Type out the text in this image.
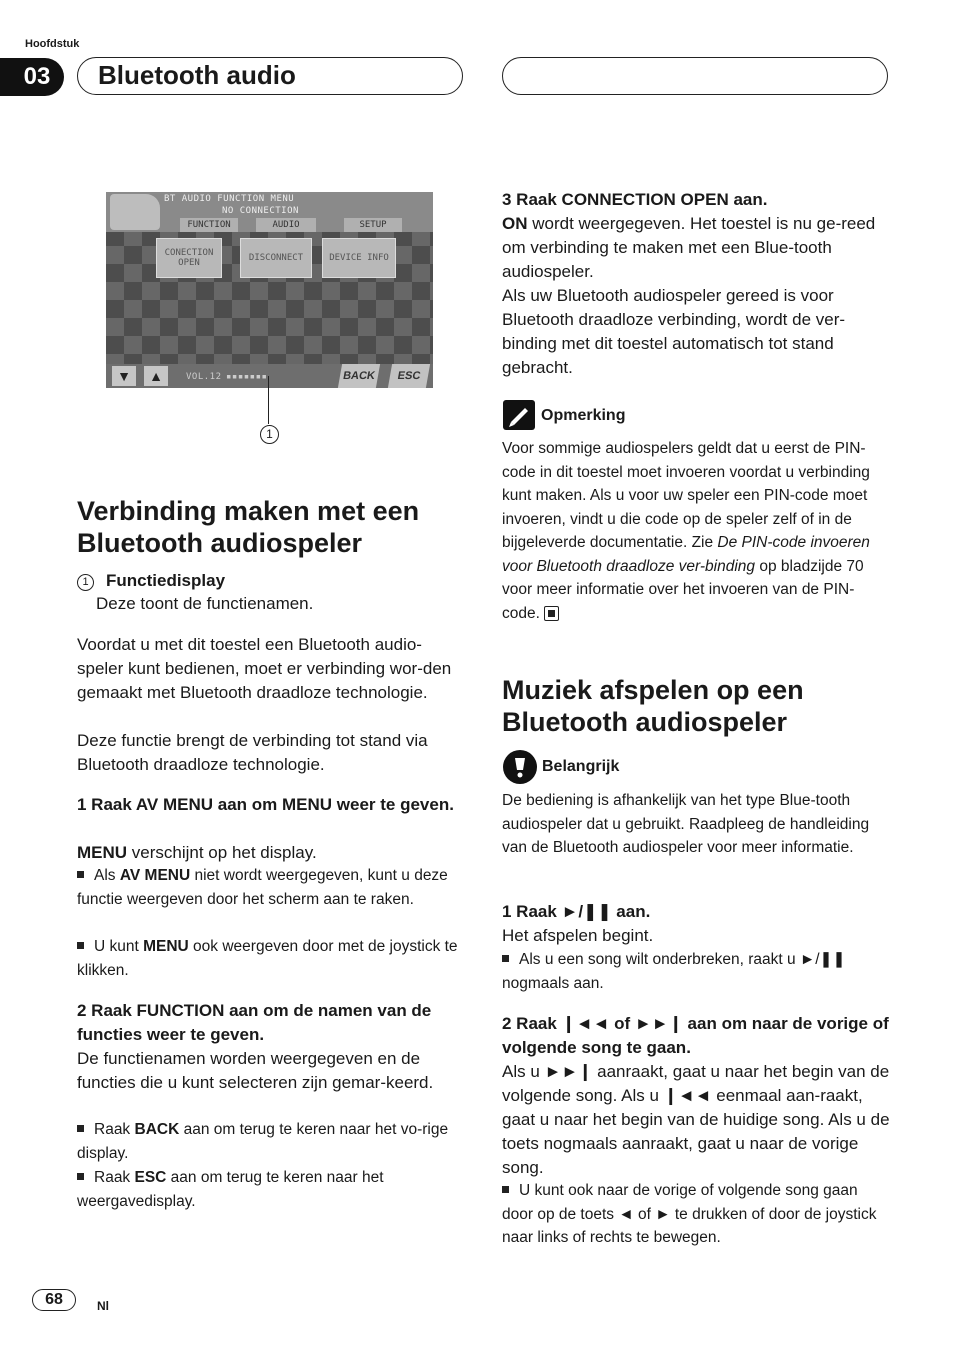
Hoofdstuk
03	Bluetooth audio
BT AUDIO FUNCTION MENU
NO CONNECTION
FUNCTION	AUDIO	SETUP
CONECTION OPEN	DISCONNECT	DEVICE INFO
▼	▲	VOL.12 ▪▪▪▪▪▪▪	BACK	ESC
1
Verbinding maken met een Bluetooth audiospeler
1 Functiedisplay
Deze toont de functienamen.
Voordat u met dit toestel een Bluetooth audio-speler kunt bedienen, moet er verbinding wor-den gemaakt met Bluetooth draadloze technologie.
Deze functie brengt de verbinding tot stand via Bluetooth draadloze technologie.
1 Raak AV MENU aan om MENU weer te geven.
MENU verschijnt op het display.
Als AV MENU niet wordt weergegeven, kunt u deze functie weergeven door het scherm aan te raken.
U kunt MENU ook weergeven door met de joystick te klikken.
2 Raak FUNCTION aan om de namen van de functies weer te geven.
De functienamen worden weergegeven en de functies die u kunt selecteren zijn gemar-keerd.
Raak BACK aan om terug te keren naar het vo-rige display.
Raak ESC aan om terug te keren naar het weergavedisplay.
3 Raak CONNECTION OPEN aan.
ON wordt weergegeven. Het toestel is nu ge-reed om verbinding te maken met een Blue-tooth audiospeler.
Als uw Bluetooth audiospeler gereed is voor Bluetooth draadloze verbinding, wordt de ver-binding met dit toestel automatisch tot stand gebracht.
Opmerking
Voor sommige audiospelers geldt dat u eerst de PIN-code in dit toestel moet invoeren voordat u verbinding kunt maken. Als u voor uw speler een PIN-code moet invoeren, vindt u die code op de speler zelf of in de bijgeleverde documentatie. Zie De PIN-code invoeren voor Bluetooth draadloze ver-binding op bladzijde 70 voor meer informatie over het invoeren van de PIN-code.
Muziek afspelen op een Bluetooth audiospeler
Belangrijk
De bediening is afhankelijk van het type Blue-tooth audiospeler dat u gebruikt. Raadpleeg de handleiding van de Bluetooth audiospeler voor meer informatie.
1 Raak ►/❚❚ aan.
Het afspelen begint.
Als u een song wilt onderbreken, raakt u ►/❚❚ nogmaals aan.
2 Raak ❙◄◄ of ►►❙ aan om naar de vorige of volgende song te gaan.
Als u ►►❙ aanraakt, gaat u naar het begin van de volgende song. Als u ❙◄◄ eenmaal aan-raakt, gaat u naar het begin van de huidige song. Als u de toets nogmaals aanraakt, gaat u naar de vorige song.
U kunt ook naar de vorige of volgende song gaan door op de toets ◄ of ► te drukken of door de joystick naar links of rechts te bewegen.
68	Nl
